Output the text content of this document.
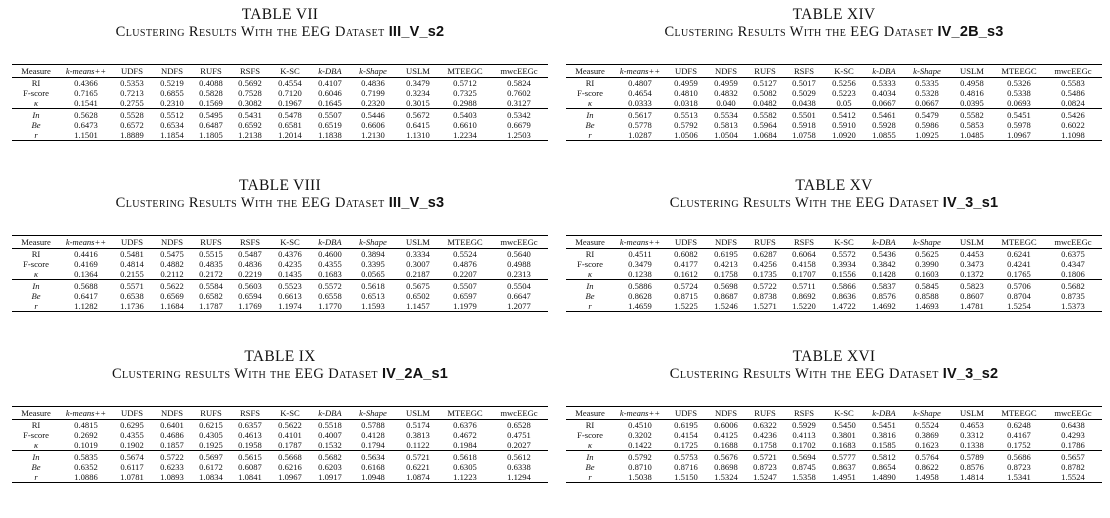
TABLE VII
Clustering Results With the EEG Dataset III_V_s2
Measure	k-means++	UDFS	NDFS	RUFS	RSFS	K-SC	k-DBA	k-Shape	USLM	MTEEGC	mwcEEGc
RI	0.4366	0.5353	0.5219	0.4088	0.5692	0.4554	0.4107	0.4836	0.3479	0.5712	0.5824
F-score	0.7165	0.7213	0.6855	0.5828	0.7528	0.7120	0.6046	0.7199	0.3234	0.7325	0.7602
κ	0.1541	0.2755	0.2310	0.1569	0.3082	0.1967	0.1645	0.2320	0.3015	0.2988	0.3127

In	0.5628	0.5528	0.5512	0.5495	0.5431	0.5478	0.5507	0.5446	0.5672	0.5403	0.5342
Be	0.6473	0.6572	0.6534	0.6487	0.6592	0.6581	0.6519	0.6606	0.6415	0.6610	0.6679
r	1.1501	1.8889	1.1854	1.1805	1.2138	1.2014	1.1838	1.2130	1.1310	1.2234	1.2503
TABLE XIV
Clustering Results With the EEG Dataset IV_2B_s3
Measure	k-means++	UDFS	NDFS	RUFS	RSFS	K-SC	k-DBA	k-Shape	USLM	MTEEGC	mwcEEGc
RI	0.4807	0.4959	0.4959	0.5127	0.5017	0.5256	0.5333	0.5335	0.4958	0.5326	0.5583
F-score	0.4654	0.4810	0.4832	0.5082	0.5029	0.5223	0.4034	0.5328	0.4816	0.5338	0.5486
κ	0.0333	0.0318	0.040	0.0482	0.0438	0.05	0.0667	0.0667	0.0395	0.0693	0.0824

In	0.5617	0.5513	0.5534	0.5582	0.5501	0.5412	0.5461	0.5479	0.5582	0.5451	0.5426
Be	0.5778	0.5792	0.5813	0.5964	0.5918	0.5910	0.5928	0.5986	0.5853	0.5978	0.6022
r	1.0287	1.0506	1.0504	1.0684	1.0758	1.0920	1.0855	1.0925	1.0485	1.0967	1.1098
TABLE VIII
Clustering Results With the EEG Dataset III_V_s3
Measure	k-means++	UDFS	NDFS	RUFS	RSFS	K-SC	k-DBA	k-Shape	USLM	MTEEGC	mwcEEGc
RI	0.4416	0.5481	0.5475	0.5515	0.5487	0.4376	0.4600	0.3894	0.3334	0.5524	0.5640
F-score	0.4169	0.4814	0.4882	0.4835	0.4836	0.4235	0.4355	0.3395	0.3007	0.4876	0.4988
κ	0.1364	0.2155	0.2112	0.2172	0.2219	0.1435	0.1683	0.0565	0.2187	0.2207	0.2313

In	0.5688	0.5571	0.5622	0.5584	0.5603	0.5523	0.5572	0.5618	0.5675	0.5507	0.5504
Be	0.6417	0.6538	0.6569	0.6582	0.6594	0.6613	0.6558	0.6513	0.6502	0.6597	0.6647
r	1.1282	1.1736	1.1684	1.1787	1.1769	1.1974	1.1770	1.1593	1.1457	1.1979	1.2077
TABLE XV
Clustering Results With the EEG Dataset IV_3_s1
Measure	k-means++	UDFS	NDFS	RUFS	RSFS	K-SC	k-DBA	k-Shape	USLM	MTEEGC	mwcEEGc
RI	0.4511	0.6082	0.6195	0.6287	0.6064	0.5572	0.5436	0.5625	0.4453	0.6241	0.6375
F-score	0.3479	0.4177	0.4213	0.4256	0.4158	0.3934	0.3842	0.3990	0.3473	0.4241	0.4347
κ	0.1238	0.1612	0.1758	0.1735	0.1707	0.1556	0.1428	0.1603	0.1372	0.1765	0.1806

In	0.5886	0.5724	0.5698	0.5722	0.5711	0.5866	0.5837	0.5845	0.5823	0.5706	0.5682
Be	0.8628	0.8715	0.8687	0.8738	0.8692	0.8636	0.8576	0.8588	0.8607	0.8704	0.8735
r	1.4659	1.5225	1.5246	1.5271	1.5220	1.4722	1.4692	1.4693	1.4781	1.5254	1.5373
TABLE IX
Clustering results With the EEG Dataset IV_2A_s1
Measure	k-means++	UDFS	NDFS	RUFS	RSFS	K-SC	k-DBA	k-Shape	USLM	MTEEGC	mwcEEGc
RI	0.4815	0.6295	0.6401	0.6215	0.6357	0.5622	0.5518	0.5788	0.5174	0.6376	0.6528
F-score	0.2692	0.4355	0.4686	0.4305	0.4613	0.4101	0.4007	0.4128	0.3813	0.4672	0.4751
κ	0.1019	0.1902	0.1857	0.1925	0.1958	0.1787	0.1532	0.1794	0.1122	0.1984	0.2027

In	0.5835	0.5674	0.5722	0.5697	0.5615	0.5668	0.5682	0.5634	0.5721	0.5618	0.5612
Be	0.6352	0.6117	0.6233	0.6172	0.6087	0.6216	0.6203	0.6168	0.6221	0.6305	0.6338
r	1.0886	1.0781	1.0893	1.0834	1.0841	1.0967	1.0917	1.0948	1.0874	1.1223	1.1294
TABLE XVI
Clustering Results With the EEG Dataset IV_3_s2
Measure	k-means++	UDFS	NDFS	RUFS	RSFS	K-SC	k-DBA	k-Shape	USLM	MTEEGC	mwcEEGc
RI	0.4510	0.6195	0.6006	0.6322	0.5929	0.5450	0.5451	0.5524	0.4653	0.6248	0.6438
F-score	0.3202	0.4154	0.4125	0.4236	0.4113	0.3801	0.3816	0.3869	0.3312	0.4167	0.4293
κ	0.1422	0.1725	0.1688	0.1758	0.1702	0.1683	0.1585	0.1623	0.1338	0.1752	0.1786

In	0.5792	0.5753	0.5676	0.5721	0.5694	0.5777	0.5812	0.5764	0.5789	0.5686	0.5657
Be	0.8710	0.8716	0.8698	0.8723	0.8745	0.8637	0.8654	0.8622	0.8576	0.8723	0.8782
r	1.5038	1.5150	1.5324	1.5247	1.5358	1.4951	1.4890	1.4958	1.4814	1.5341	1.5524
